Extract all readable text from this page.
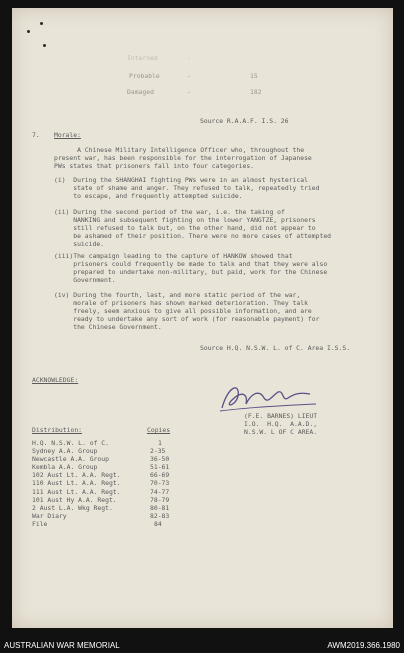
Interned	-
Probable	-	15
Damaged	-	182
Source R.A.A.F. I.S. 26
7. Morale:
A Chinese Military Intelligence Officer who, throughout the
present war, has been responsible for the interrogation of Japanese
PWs states that prisoners fall into four categories.
(i)  During the SHANGHAI fighting PWs were in an almost hysterical
state of shame and anger. They refused to talk, repeatedly tried
to escape, and frequently attempted suicide.
(ii) During the second period of the war, i.e. the taking of
NANKING and subsequent fighting on the lower YANGTZE, prisoners
still refused to talk but, on the other hand, did not appear to
be ashamed of their position. There were no more cases of attempted
suicide.
(iii)The campaign leading to the capture of HANKOW showed that
prisoners could frequently be made to talk and that they were also
prepared to undertake non-military, but paid, work for the Chinese
Government.
(iv) During the fourth, last, and more static period of the war,
morale of prisoners has shown marked deterioration. They talk
freely, seem anxious to give all possible information, and are
ready to undertake any sort of work (for reasonable payment) for
the Chinese Government.
Source H.Q. N.S.W. L. of C. Area I.S.S.
ACKNOWLEDGE:
(F.E. BARNES) LIEUT
I.O.  H.Q.  A.A.D.,
N.S.W. L OF C AREA.
Distribution:	Copies
H.Q. N.S.W. L. of C.	1
Sydney A.A. Group	2-35
Newcastle A.A. Group	36-50
Kembla A.A. Group	51-61
102 Aust Lt. A.A. Regt.	66-69
110 Aust Lt. A.A. Regt.	70-73
111 Aust Lt. A.A. Regt.	74-77
101 Aust Hy A.A. Regt.	78-79
2 Aust L.A. Wkg Regt.	80-81
War Diary	82-83
File	84
AUSTRALIAN WAR MEMORIAL	AWM2019.366.1980
